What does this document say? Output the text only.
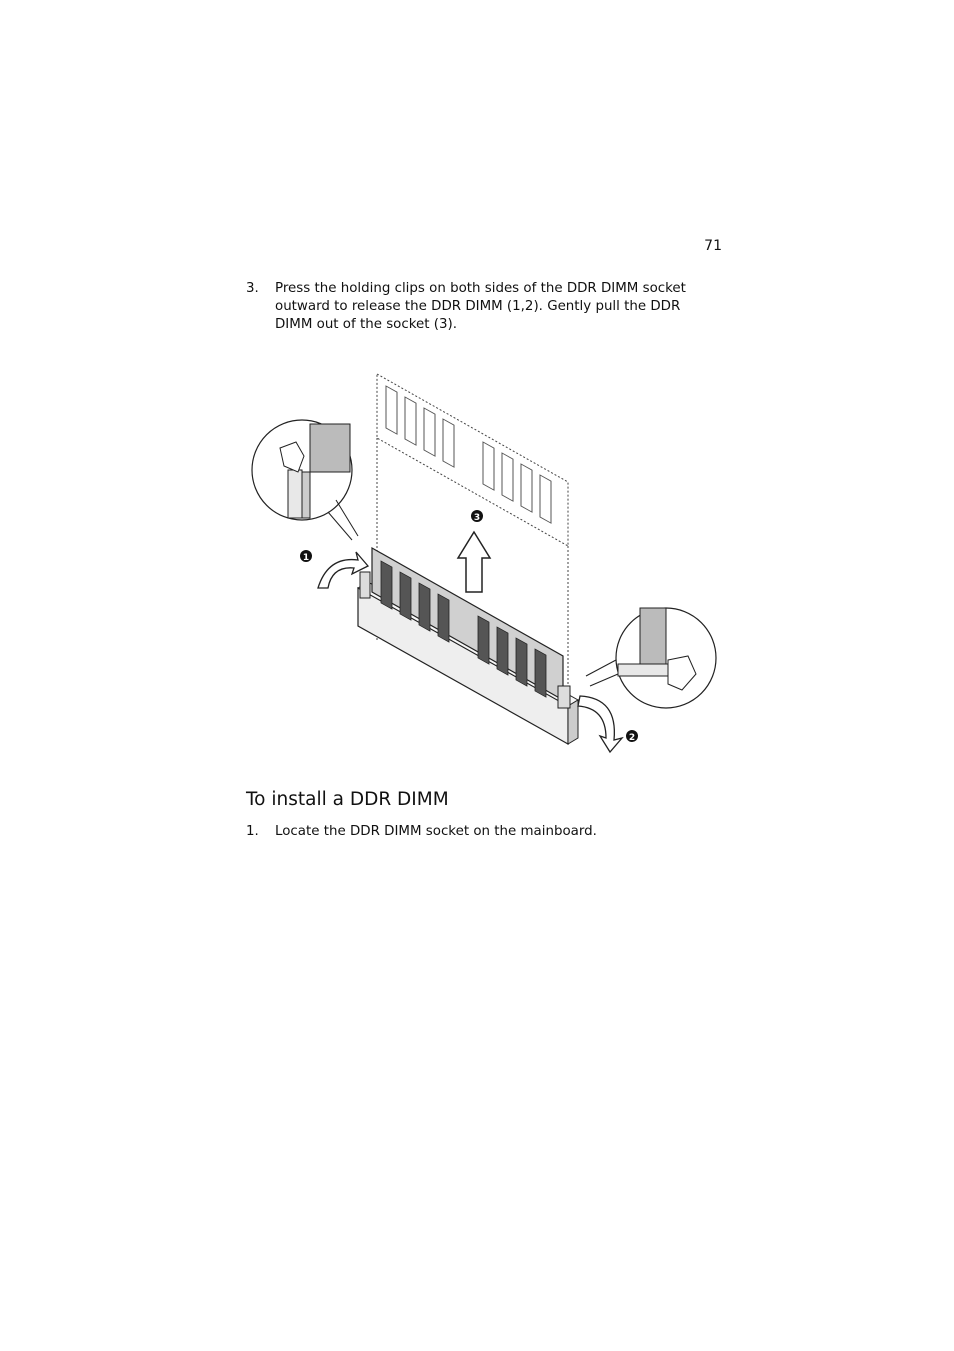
71
3. Press the holding clips on both sides of the DDR DIMM socket outward to release the DDR DIMM (1,2). Gently pull the DDR DIMM out of the socket (3).
1
2
3
To install a DDR DIMM
1. Locate the DDR DIMM socket on the mainboard.
